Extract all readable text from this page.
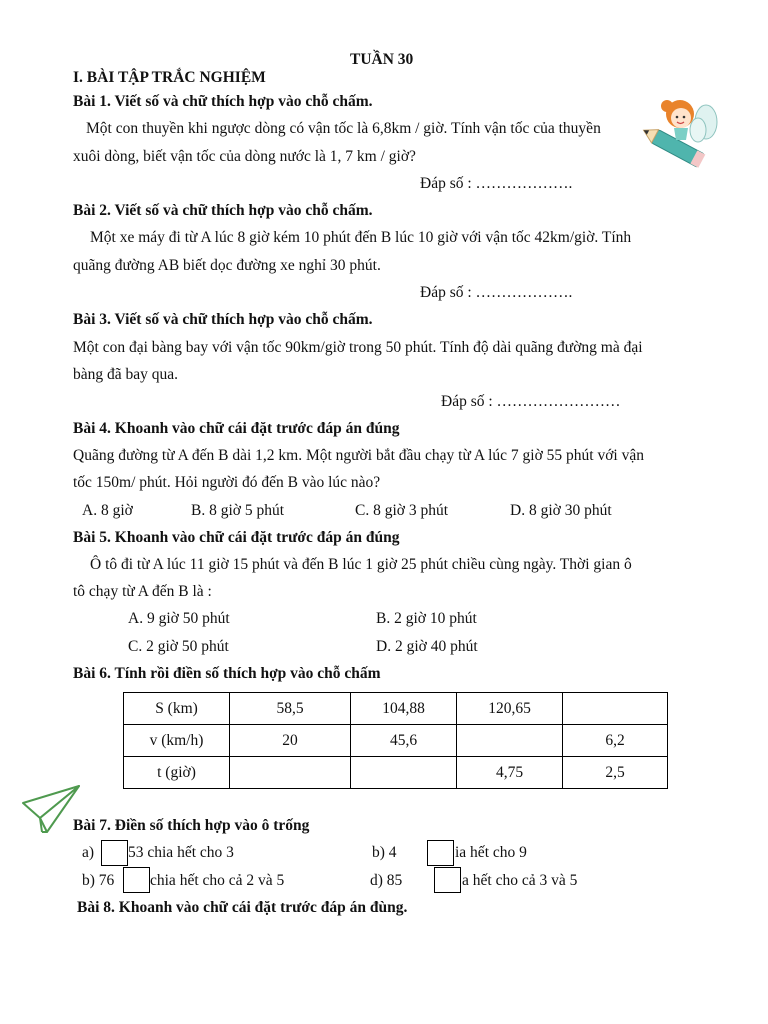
TUẦN 30
I. BÀI TẬP TRẮC NGHIỆM
Bài 1. Viết số và chữ thích hợp vào chỗ chấm.
Một con thuyền khi ngược dòng có vận tốc là 6,8km / giờ. Tính vận tốc của thuyền
xuôi dòng, biết vận tốc của dòng nước là 1, 7 km / giờ?
Đáp số : ……………….
Bài 2. Viết số và chữ thích hợp vào chỗ chấm.
Một xe máy đi từ A lúc 8 giờ kém 10 phút đến B lúc 10 giờ với vận tốc 42km/giờ. Tính
quãng đường AB biết dọc đường xe nghỉ 30 phút.
Đáp số : ……………….
Bài 3. Viết số và chữ thích hợp vào chỗ chấm.
Một con đại bàng bay với vận tốc 90km/giờ trong 50 phút. Tính độ dài quãng đường mà đại
bàng đã bay qua.
Đáp số : ……………………
Bài 4. Khoanh vào chữ cái đặt trước đáp án đúng
Quãng đường từ A đến B dài 1,2 km. Một người bắt đầu chạy từ A lúc 7 giờ 55 phút với vận
tốc 150m/ phút. Hỏi người đó đến B vào lúc nào?
A. 8 giờ	B. 8 giờ 5 phút	C. 8 giờ 3 phút	D. 8 giờ 30 phút
Bài 5. Khoanh vào chữ cái đặt trước đáp án đúng
Ô tô đi từ A lúc 11 giờ 15 phút và đến B lúc 1 giờ 25 phút chiều cùng ngày. Thời gian ô
tô chạy từ A đến B là :
A. 9 giờ 50 phút	B. 2 giờ 10 phút
C. 2 giờ 50 phút	D. 2 giờ 40 phút
Bài 6. Tính rồi điền số thích hợp vào chỗ chấm
S (km)	58,5	104,88	120,65	
v (km/h)	20	45,6		6,2
t (giờ)			4,75	2,5
Bài 7. Điền số thích hợp vào ô trống
a) 53 chia hết cho 3	b) 4	ia hết cho 9
b) 76 chia hết cho cả 2 và 5	d) 85	a hết cho cả 3 và 5
Bài 8. Khoanh vào chữ cái đặt trước đáp án đùng.
